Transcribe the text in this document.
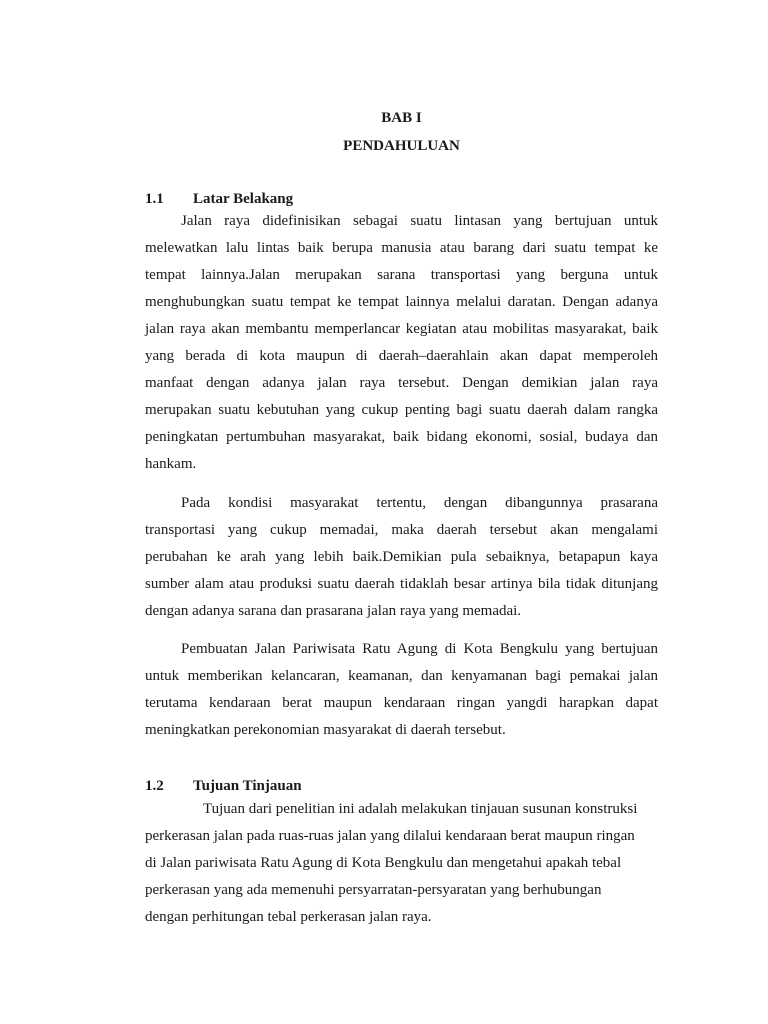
BAB I
PENDAHULUAN
1.1 Latar Belakang
Jalan raya didefinisikan sebagai suatu lintasan yang bertujuan untuk
melewatkan lalu lintas baik berupa manusia atau barang dari suatu tempat ke
tempat lainnya.Jalan merupakan sarana transportasi yang berguna untuk
menghubungkan suatu tempat ke tempat lainnya melalui daratan. Dengan adanya
jalan raya akan membantu memperlancar kegiatan atau mobilitas masyarakat, baik
yang berada di kota maupun di daerah–daerahlain akan dapat memperoleh
manfaat dengan adanya jalan raya tersebut. Dengan demikian jalan raya
merupakan suatu kebutuhan yang cukup penting bagi suatu daerah dalam rangka
peningkatan pertumbuhan masyarakat, baik bidang ekonomi, sosial, budaya dan
hankam.
Pada kondisi masyarakat tertentu, dengan dibangunnya prasarana
transportasi yang cukup memadai, maka daerah tersebut akan mengalami
perubahan ke arah yang lebih baik.Demikian pula sebaiknya, betapapun kaya
sumber alam atau produksi suatu daerah tidaklah besar artinya bila tidak ditunjang
dengan adanya sarana dan prasarana jalan raya yang memadai.
Pembuatan Jalan Pariwisata Ratu Agung di Kota Bengkulu yang bertujuan
untuk memberikan kelancaran, keamanan, dan kenyamanan bagi pemakai jalan
terutama kendaraan berat maupun kendaraan ringan yangdi harapkan dapat
meningkatkan perekonomian masyarakat di daerah tersebut.
1.2 Tujuan Tinjauan
Tujuan dari penelitian ini adalah melakukan tinjauan susunan konstruksi
perkerasan jalan pada ruas-ruas jalan yang dilalui kendaraan berat maupun ringan
di Jalan pariwisata Ratu Agung di Kota Bengkulu dan mengetahui apakah tebal
perkerasan yang ada memenuhi persyarratan-persyaratan yang berhubungan
dengan perhitungan tebal perkerasan jalan raya.
